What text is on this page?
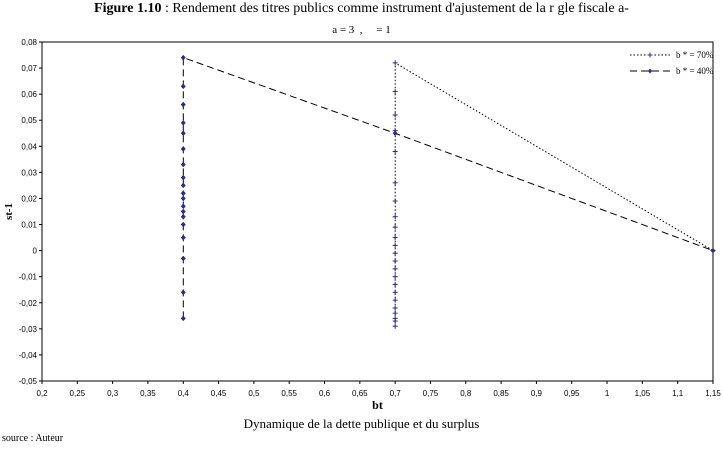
Figure 1.10 : Rendement des titres publics comme instrument d'ajustement de la r gle fiscale a-
a = 3  ,     = 1
0,08
0,07
0,06
0,05
0,04
0,03
0,02
0,01
0
-0,01
-0,02
-0,03
-0,04
-0,05
0,2	0,25	0,3	0,35	0,4	0,45	0,5	0,55	0,6	0,65	0,7	0,75	0,8	0,85	0,9	0,95	1	1,05	1,1	1,15
bt
st-1
b * = 70%
b * = 40%
Dynamique de la dette publique et du surplus
source : Auteur
